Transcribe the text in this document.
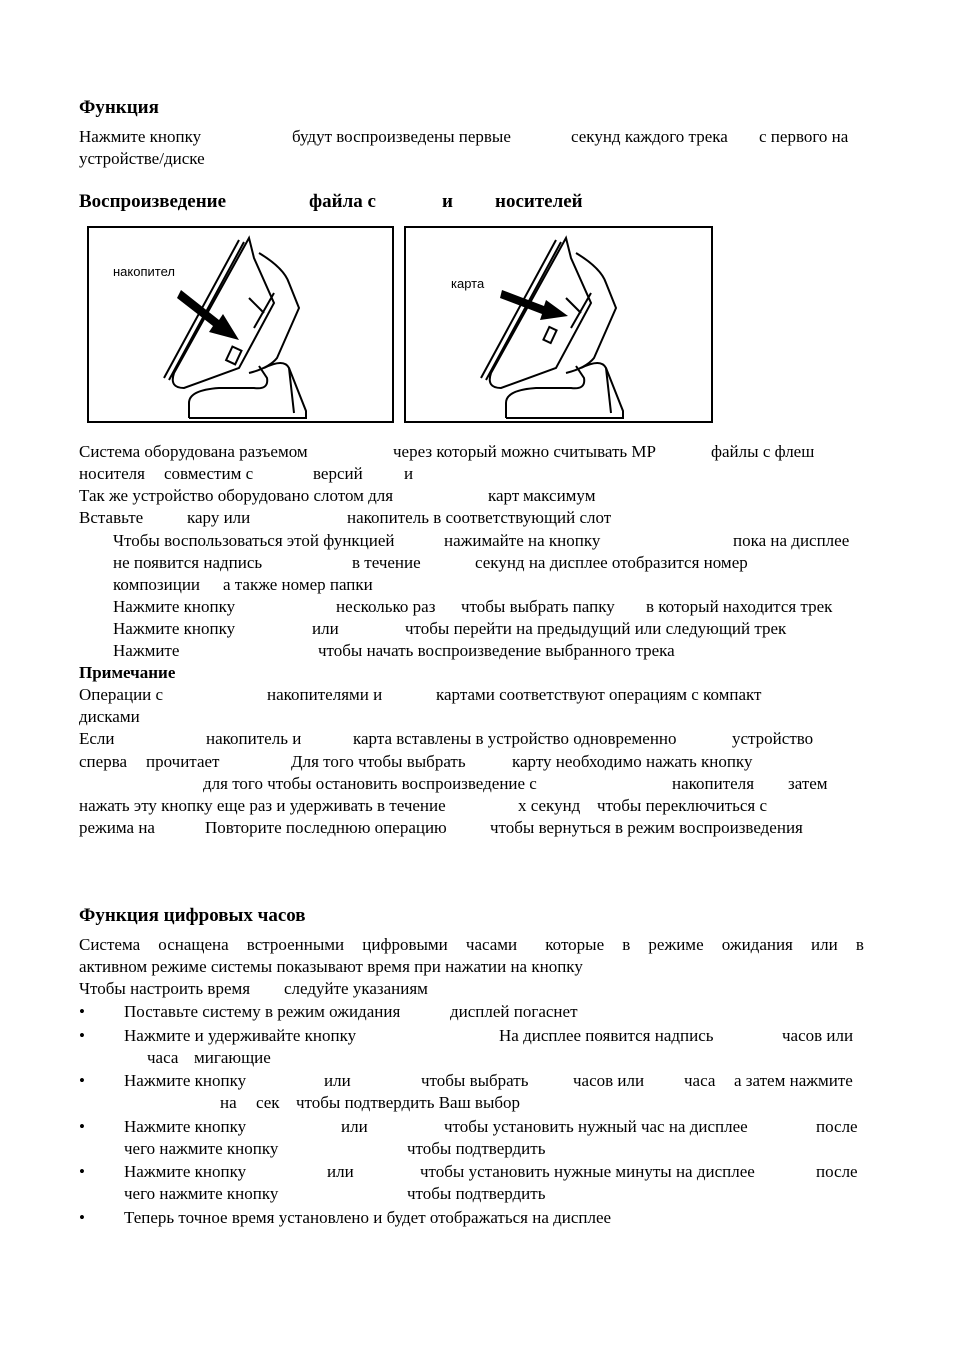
Функция
Нажмите кнопку	будут воспроизведены первые	секунд каждого трека с первого на
устройстве/диске
Воспроизведение	файла с	и носителей
накопител
карта
Система оборудована разъемом	через который можно считывать MP	файлы с флеш
носителя совместим с	версий и
Так же устройство оборудовано слотом для	карт максимум
Вставьте	кару или	накопитель в соответствующий слот
Чтобы воспользоваться этой функцией	нажимайте на кнопку	пока на дисплее
не появится надпись	в течение	секунд на дисплее отобразится номер
композиции а также номер папки
Нажмите кнопку	несколько раз чтобы выбрать папку в который находится трек
Нажмите кнопку	или	чтобы перейти на предыдущий или следующий трек
Нажмите	чтобы начать воспроизведение выбранного трека
Примечание
Операции с	накопителями и	картами соответствуют операциям с компакт
дисками
Если	накопитель и	карта вставлены в устройство одновременно	устройство
сперва прочитает	Для того чтобы выбрать	карту необходимо нажать кнопку
для того чтобы остановить воспроизведение с	накопителя затем
нажать эту кнопку еще раз и удерживать в течение	х секунд чтобы переключиться с
режима на	Повторите последнюю операцию	чтобы вернуться в режим воспроизведения
Функция цифровых часов
Система оснащена встроенными цифровыми часами которые в режиме ожидания или в
активном режиме системы показывают время при нажатии на кнопку
Чтобы настроить время следуйте указаниям
• Поставьте систему в режим ожидания	дисплей погаснет
• Нажмите и удерживайте кнопку	На дисплее появится надпись	часов или
часа мигающие
• Нажмите кнопку	или	чтобы выбрать	часов или часа а затем нажмите
на сек чтобы подтвердить Ваш выбор
• Нажмите кнопку	или	чтобы установить нужный час на дисплее	после
чего нажмите кнопку	чтобы подтвердить
• Нажмите кнопку	или	чтобы установить нужные минуты на дисплее	после
чего нажмите кнопку	чтобы подтвердить
• Теперь точное время установлено и будет отображаться на дисплее
